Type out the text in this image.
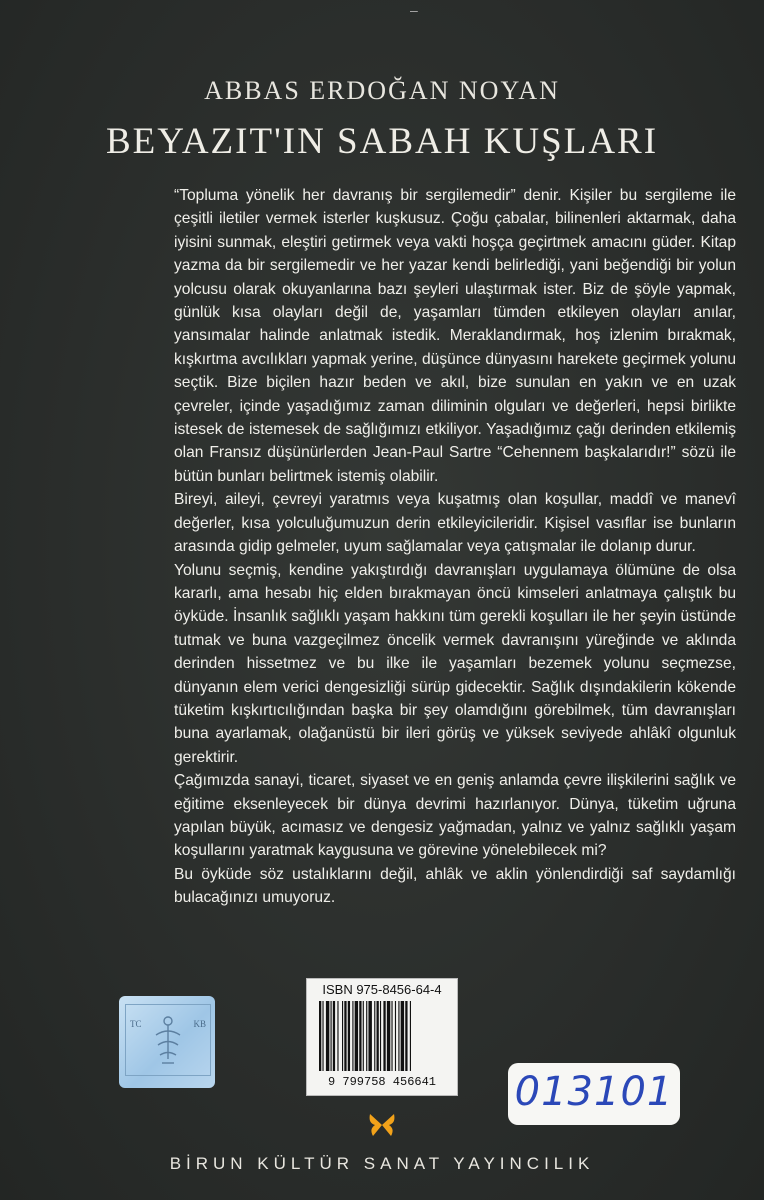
–
ABBAS ERDOĞAN NOYAN
BEYAZIT'IN SABAH KUŞLARI

“Topluma yönelik her davranış bir sergilemedir” denir. Kişiler bu sergileme ile çeşitli iletiler vermek isterler kuşkusuz. Çoğu çabalar, bilinenleri aktarmak, daha iyisini sunmak, eleştiri getirmek veya vakti hoşça geçirtmek amacını güder. Kitap yazma da bir sergilemedir ve her yazar kendi belirlediği, yani beğendiği bir yolun yolcusu olarak okuyanlarına bazı şeyleri ulaştırmak ister. Biz de şöyle yapmak, günlük kısa olayları değil de, yaşamları tümden etkileyen olayları anılar, yansımalar halinde anlatmak istedik. Meraklandırmak, hoş izlenim bırakmak, kışkırtma avcılıkları yapmak yerine, düşünce dünyasını harekete geçirmek yolunu seçtik. Bize biçilen hazır beden ve akıl, bize sunulan en yakın ve en uzak çevreler, içinde yaşadığımız zaman diliminin olguları ve değerleri, hepsi birlikte istesek de istemesek de sağlığımızı etkiliyor. Yaşadığımız çağı derinden etkilemiş olan Fransız düşünürlerden Jean-Paul Sartre “Cehennem başkalarıdır!” sözü ile bütün bunları belirtmek istemiş olabilir.

Bireyi, aileyi, çevreyi yaratmıs veya kuşatmış olan koşullar, maddî ve manevî değerler, kısa yolculuğumuzun derin etkileyicileridir. Kişisel vasıflar ise bunların arasında gidip gelmeler, uyum sağlamalar veya çatışmalar ile dolanıp durur.

Yolunu seçmiş, kendine yakıştırdığı davranışları uygulamaya ölümüne de olsa kararlı, ama hesabı hiç elden bırakmayan öncü kimseleri anlatmaya çalıştık bu öyküde. İnsanlık sağlıklı yaşam hakkını tüm gerekli koşulları ile her şeyin üstünde tutmak ve buna vazgeçilmez öncelik vermek davranışını yüreğinde ve aklında derinden hissetmez ve bu ilke ile yaşamları bezemek yolunu seçmezse, dünyanın elem verici dengesizliği sürüp gidecektir. Sağlık dışındakilerin kökende tüketim kışkırtıcılığından başka bir şey olamdığını görebilmek, tüm davranışları buna ayarlamak, olağanüstü bir ileri görüş ve yüksek seviyede ahlâkî olgunluk gerektirir.

Çağımızda sanayi, ticaret, siyaset ve en geniş anlamda çevre ilişkilerini sağlık ve eğitime eksenleyecek bir dünya devrimi hazırlanıyor. Dünya, tüketim uğruna yapılan büyük, acımasız ve dengesiz yağmadan, yalnız ve yalnız sağlıklı yaşam koşullarını yaratmak kaygusuna ve görevine yönelebilecek mi?

Bu öyküde söz ustalıklarını değil, ahlâk ve aklin yönlendirdiği saf saydamlığı bulacağınızı umuyoruz.

TC	KB
ISBN 975-8456-64-4
9 799758 456641	013101
BİRUN KÜLTÜR SANAT YAYINCILIK
